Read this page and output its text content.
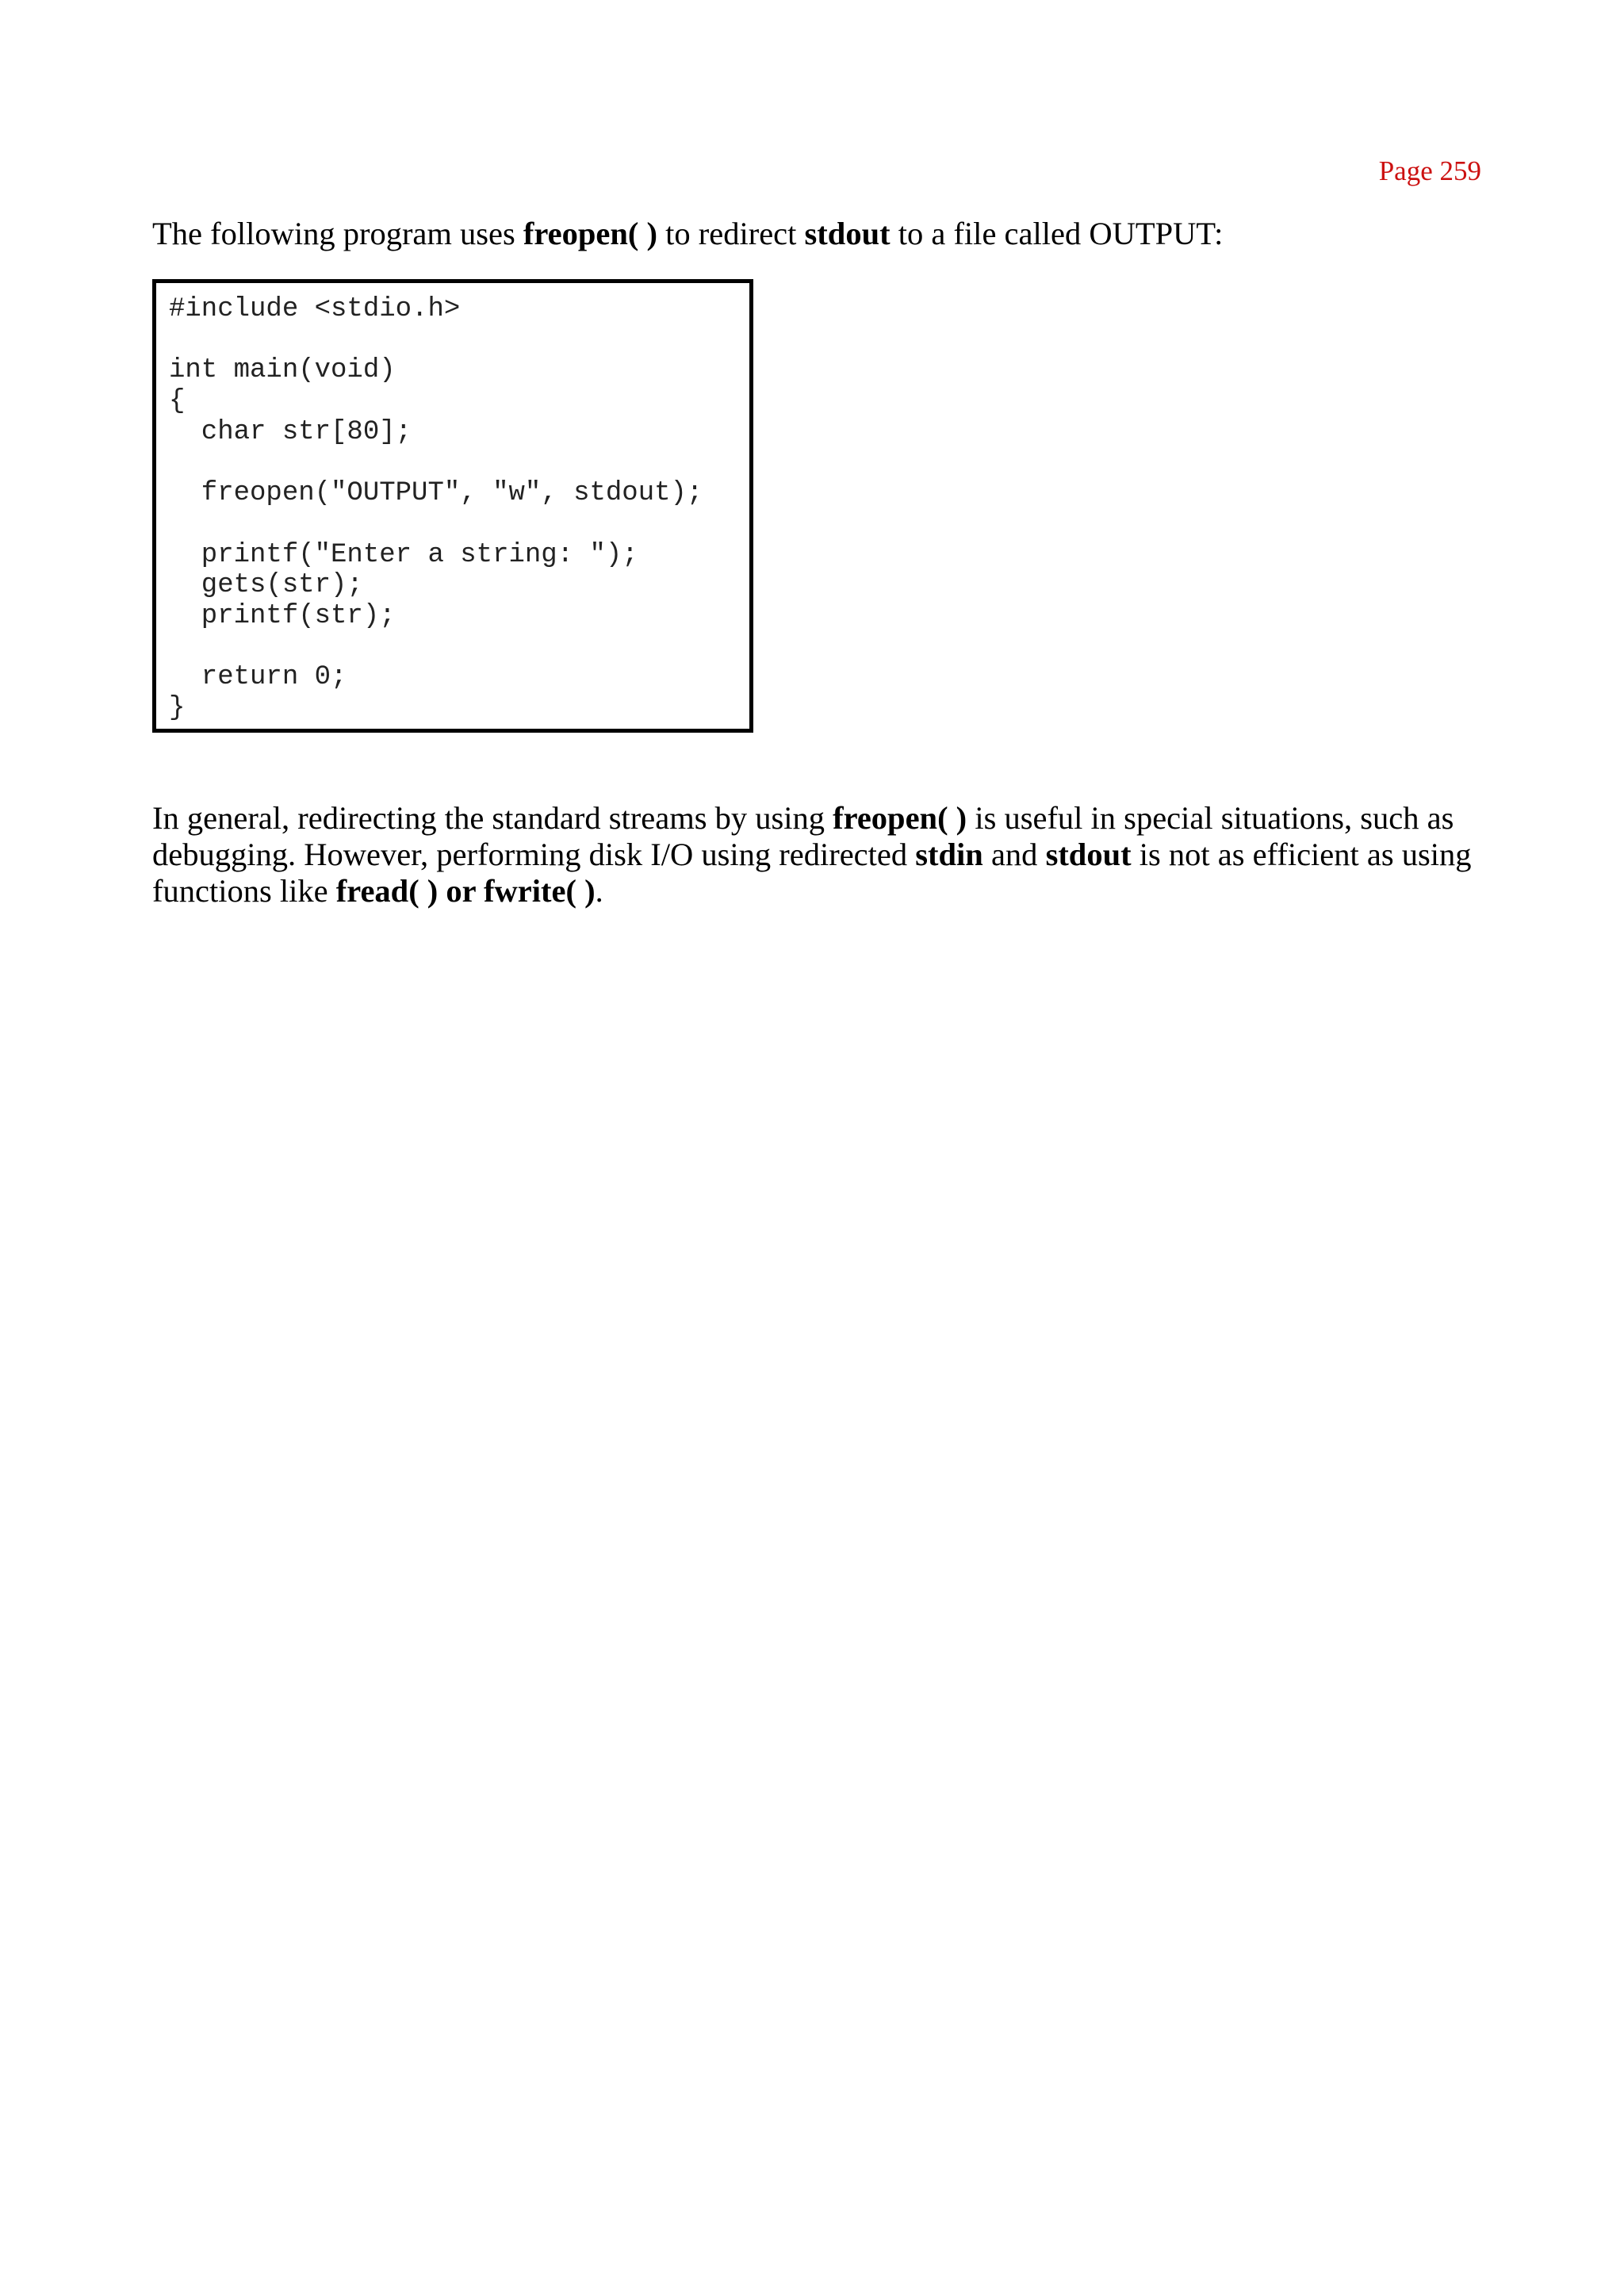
Page 259

The following program uses freopen( ) to redirect stdout to a file called OUTPUT:

#include <stdio.h>

int main(void)
{
char str[80];

freopen("OUTPUT", "w", stdout);

printf("Enter a string: ");
gets(str);
printf(str);

return 0;
}

In general, redirecting the standard streams by using freopen( ) is useful in special situations, such as debugging. However, performing disk I/O using redirected stdin and stdout is not as efficient as using functions like fread( ) or fwrite( ).
